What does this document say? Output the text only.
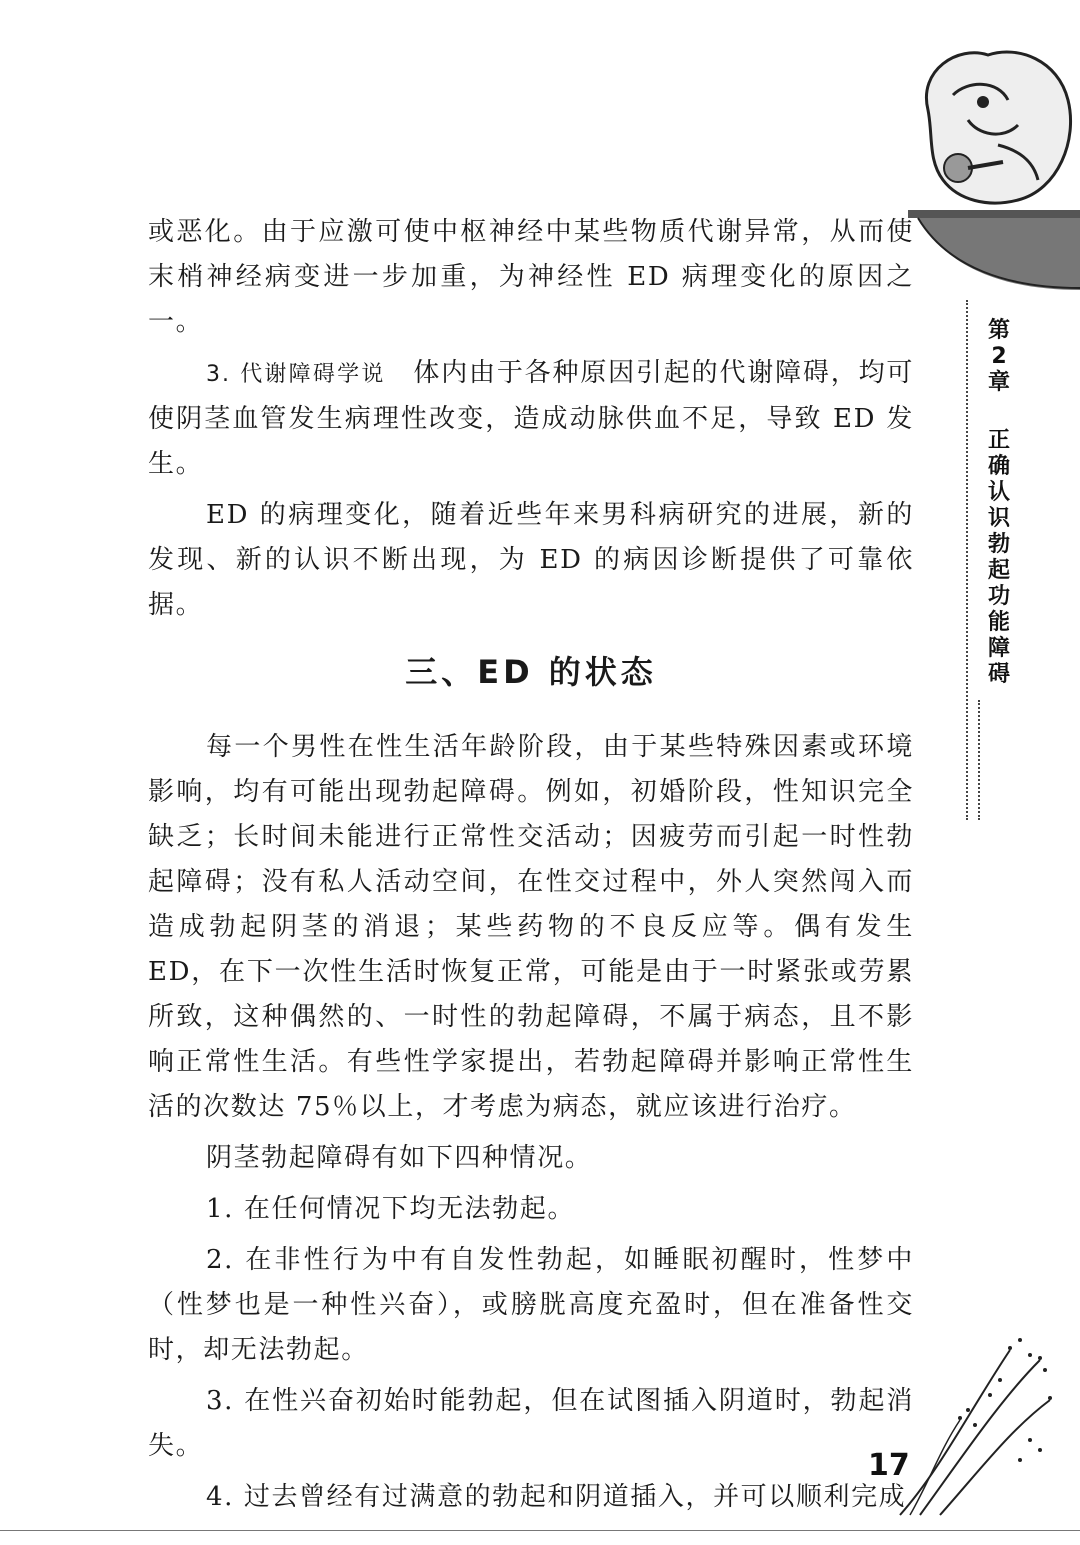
第
2
章
正
确
认
识
勃
起
功
能
障
碍

或恶化。由于应激可使中枢神经中某些物质代谢异常，从而使末梢神经病变进一步加重，为神经性 ED 病理变化的原因之一。

3. 代谢障碍学说　体内由于各种原因引起的代谢障碍，均可使阴茎血管发生病理性改变，造成动脉供血不足，导致 ED 发生。

ED 的病理变化，随着近些年来男科病研究的进展，新的发现、新的认识不断出现，为 ED 的病因诊断提供了可靠依据。

三、ED 的状态

每一个男性在性生活年龄阶段，由于某些特殊因素或环境影响，均有可能出现勃起障碍。例如，初婚阶段，性知识完全缺乏；长时间未能进行正常性交活动；因疲劳而引起一时性勃起障碍；没有私人活动空间，在性交过程中，外人突然闯入而造成勃起阴茎的消退；某些药物的不良反应等。偶有发生 ED，在下一次性生活时恢复正常，可能是由于一时紧张或劳累所致，这种偶然的、一时性的勃起障碍，不属于病态，且不影响正常性生活。有些性学家提出，若勃起障碍并影响正常性生活的次数达 75％以上，才考虑为病态，就应该进行治疗。

阴茎勃起障碍有如下四种情况。

1. 在任何情况下均无法勃起。

2. 在非性行为中有自发性勃起，如睡眠初醒时，性梦中（性梦也是一种性兴奋），或膀胱高度充盈时，但在准备性交时，却无法勃起。

3. 在性兴奋初始时能勃起，但在试图插入阴道时，勃起消失。

4. 过去曾经有过满意的勃起和阴道插入，并可以顺利完成

17
